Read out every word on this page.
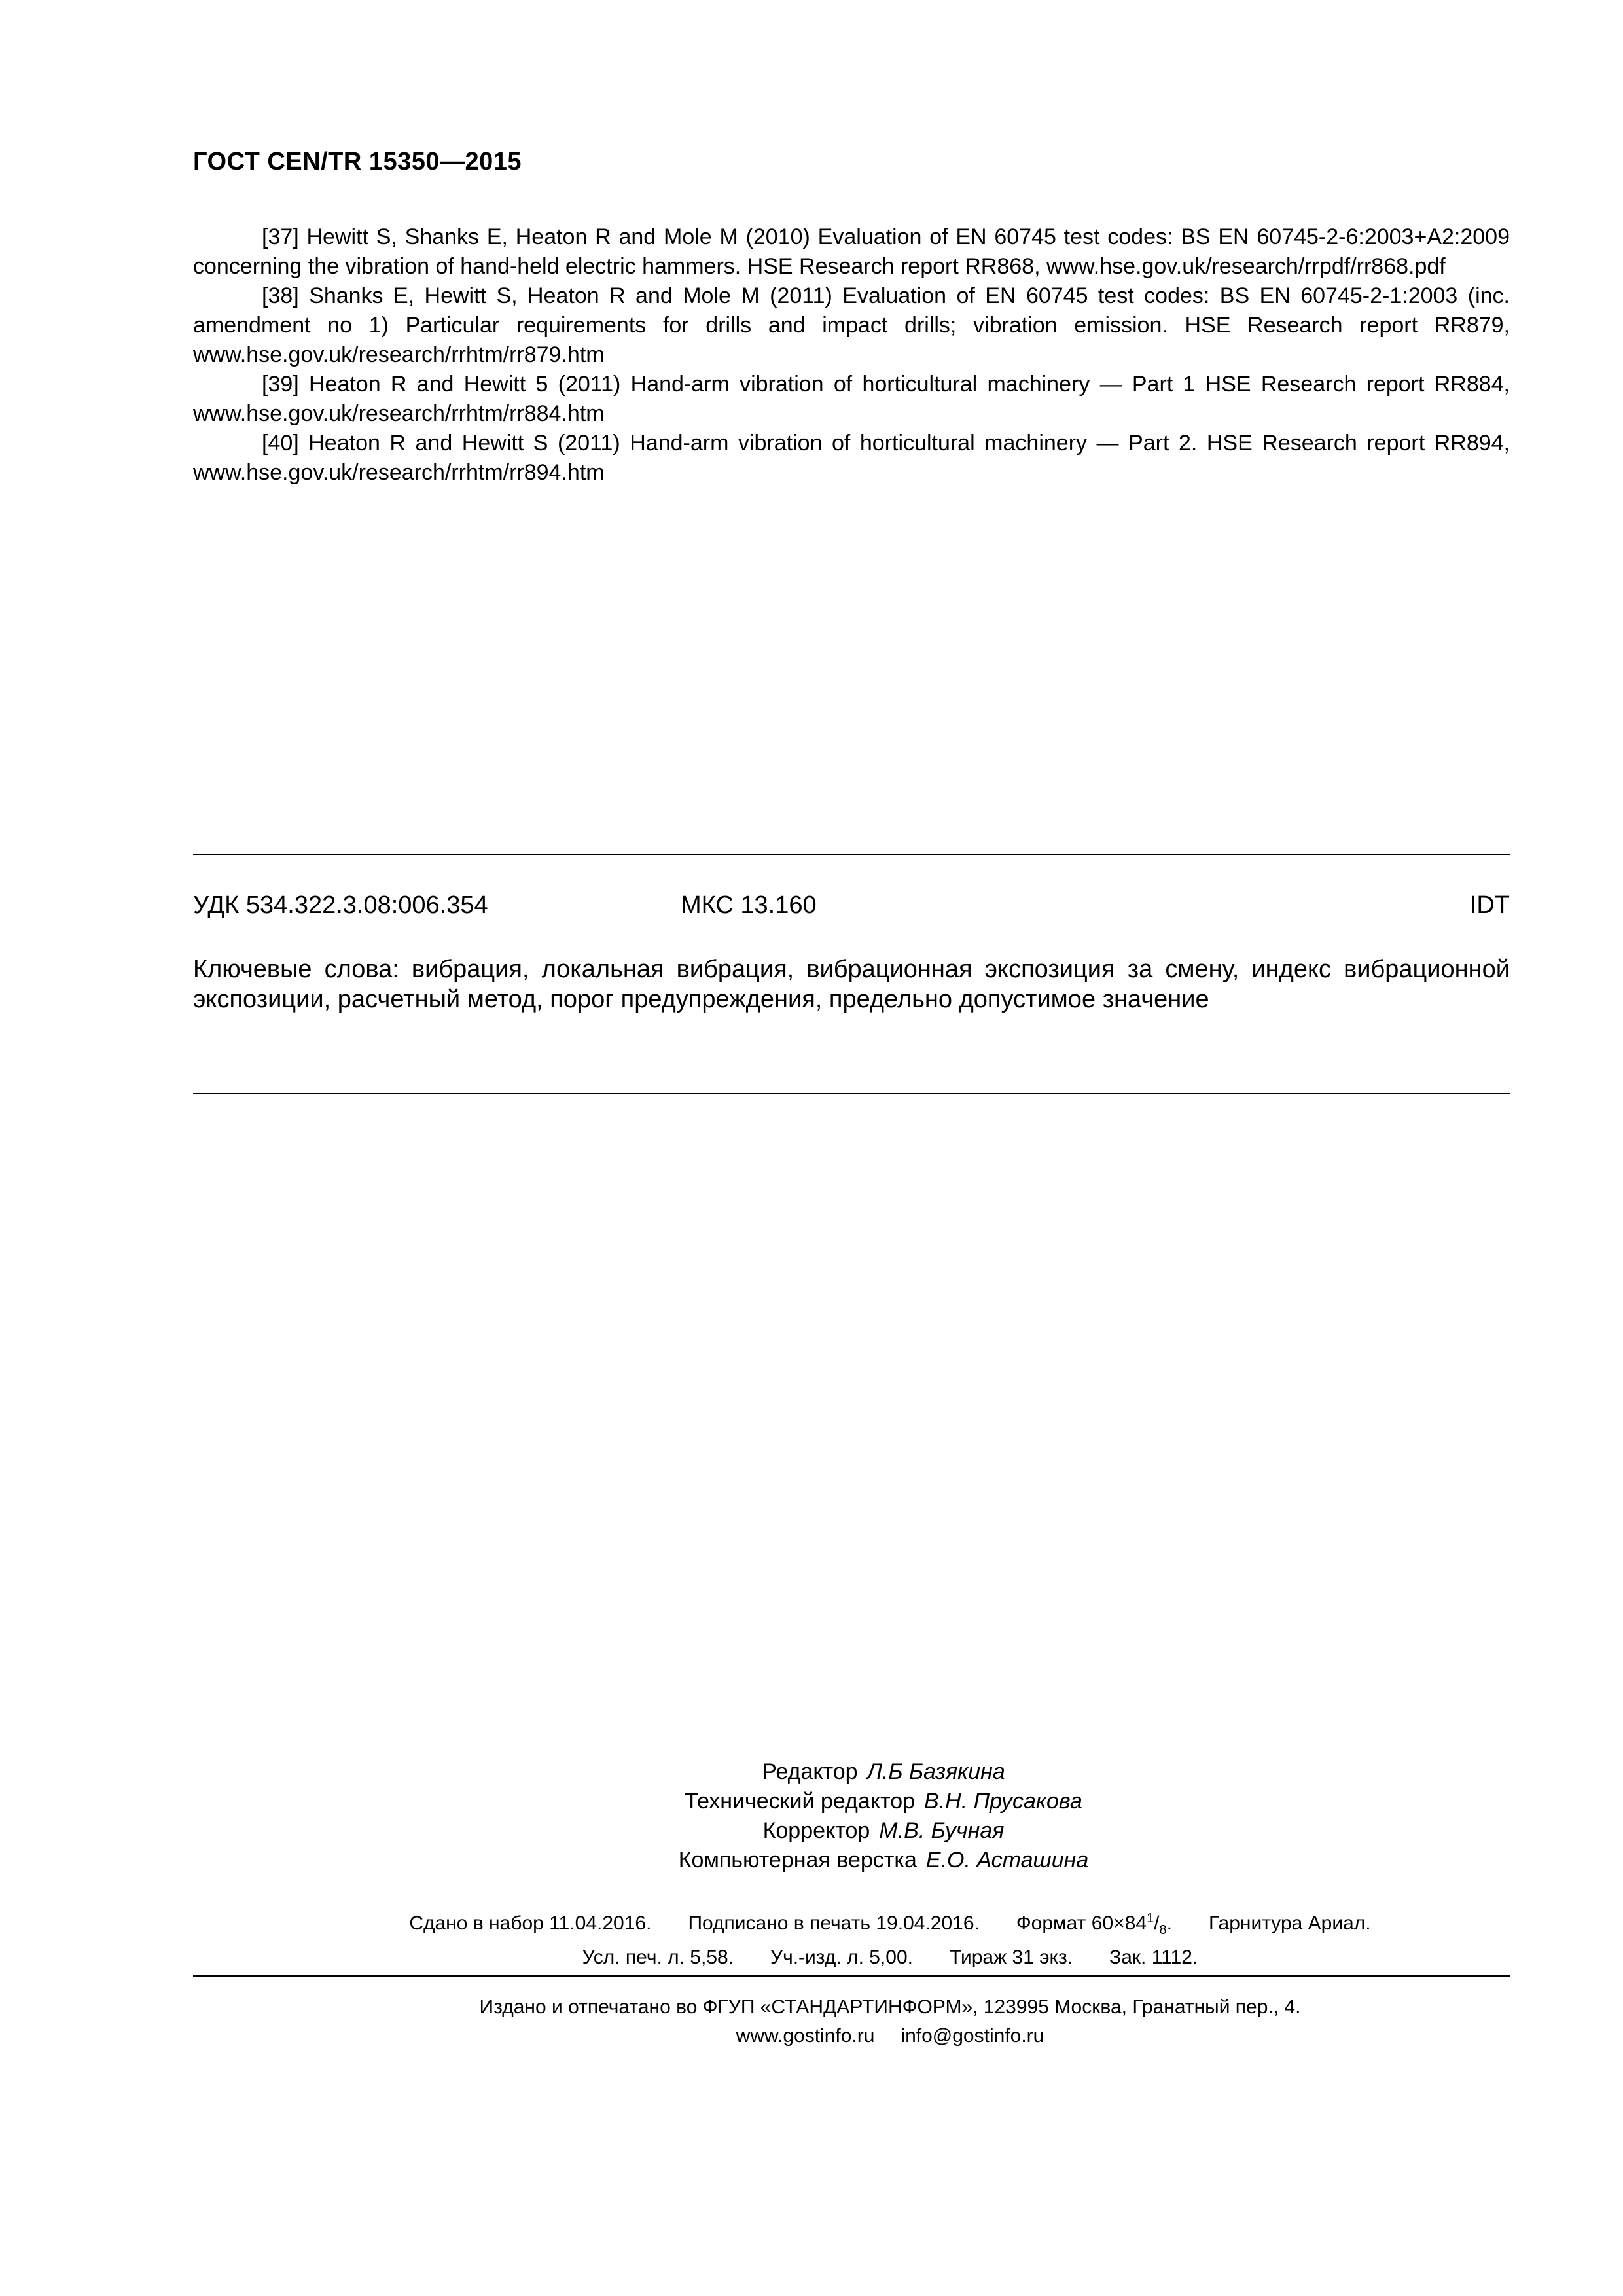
ГОСТ CEN/TR 15350—2015

[37] Hewitt S, Shanks E, Heaton R and Mole M (2010) Evaluation of EN 60745 test codes: BS EN 60745-2-6:2003+A2:2009 concerning the vibration of hand-held electric hammers. HSE Research report RR868, www.hse.gov.uk/research/rrpdf/rr868.pdf

[38] Shanks E, Hewitt S, Heaton R and Mole M (2011) Evaluation of EN 60745 test codes: BS EN 60745-2-1:2003 (inc. amendment no 1) Particular requirements for drills and impact drills; vibration emission. HSE Research report RR879, www.hse.gov.uk/research/rrhtm/rr879.htm

[39] Heaton R and Hewitt 5 (2011) Hand-arm vibration of horticultural machinery — Part 1 HSE Research report RR884, www.hse.gov.uk/research/rrhtm/rr884.htm

[40] Heaton R and Hewitt S (2011) Hand-arm vibration of horticultural machinery — Part 2. HSE Research report RR894, www.hse.gov.uk/research/rrhtm/rr894.htm

УДК 534.322.3.08:006.354	МКС 13.160	IDT
Ключевые слова: вибрация, локальная вибрация, вибрационная экспозиция за смену, индекс вибрационной экспозиции, расчетный метод, порог предупреждения, предельно допустимое значение
Редактор Л.Б Базякина
Технический редактор В.Н. Прусакова
Корректор М.В. Бучная
Компьютерная верстка Е.О. Асташина
Сдано в набор 11.04.2016. Подписано в печать 19.04.2016. Формат $60\times 84^1/_8$. Гарнитура Ариал.
Усл. печ. л. 5,58. Уч.-изд. л. 5,00. Тираж 31 экз. Зак. 1112.
Издано и отпечатано во ФГУП «СТАНДАРТИНФОРМ», 123995 Москва, Гранатный пер., 4.
www.gostinfo.ru info@gostinfo.ru
